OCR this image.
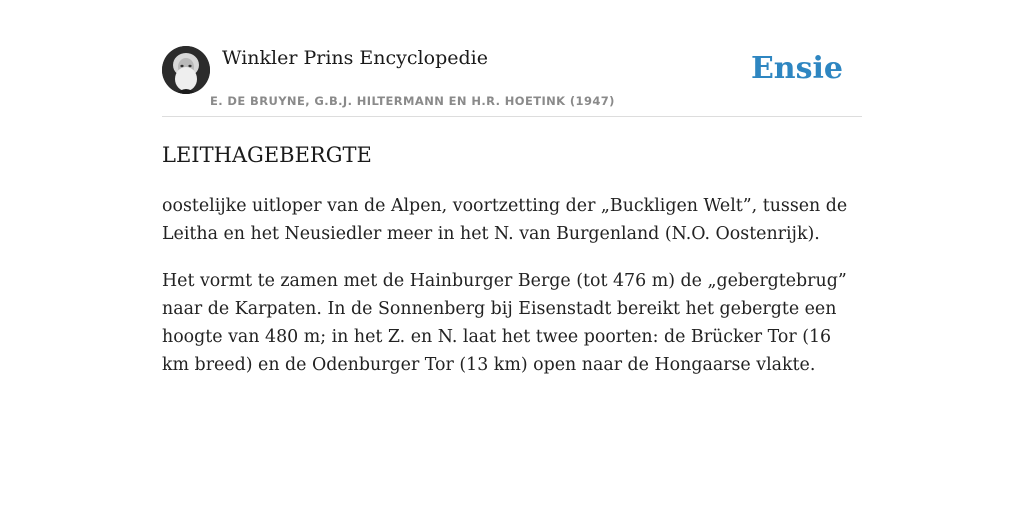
Winkler Prins Encyclopedie
E. DE BRUYNE, G.B.J. HILTERMANN EN H.R. HOETINK (1947)
Ensie
LEITHAGEBERGTE

oostelijke uitloper van de Alpen, voortzetting der „Buckligen Welt”, tussen de Leitha en het Neusiedler meer in het N. van Burgenland (N.O. Oostenrijk).

Het vormt te zamen met de Hainburger Berge (tot 476 m) de „gebergtebrug” naar de Karpaten. In de Sonnenberg bij Eisenstadt bereikt het gebergte een hoogte van 480 m; in het Z. en N. laat het twee poorten: de Brücker Tor (16 km breed) en de Odenburger Tor (13 km) open naar de Hongaarse vlakte.
